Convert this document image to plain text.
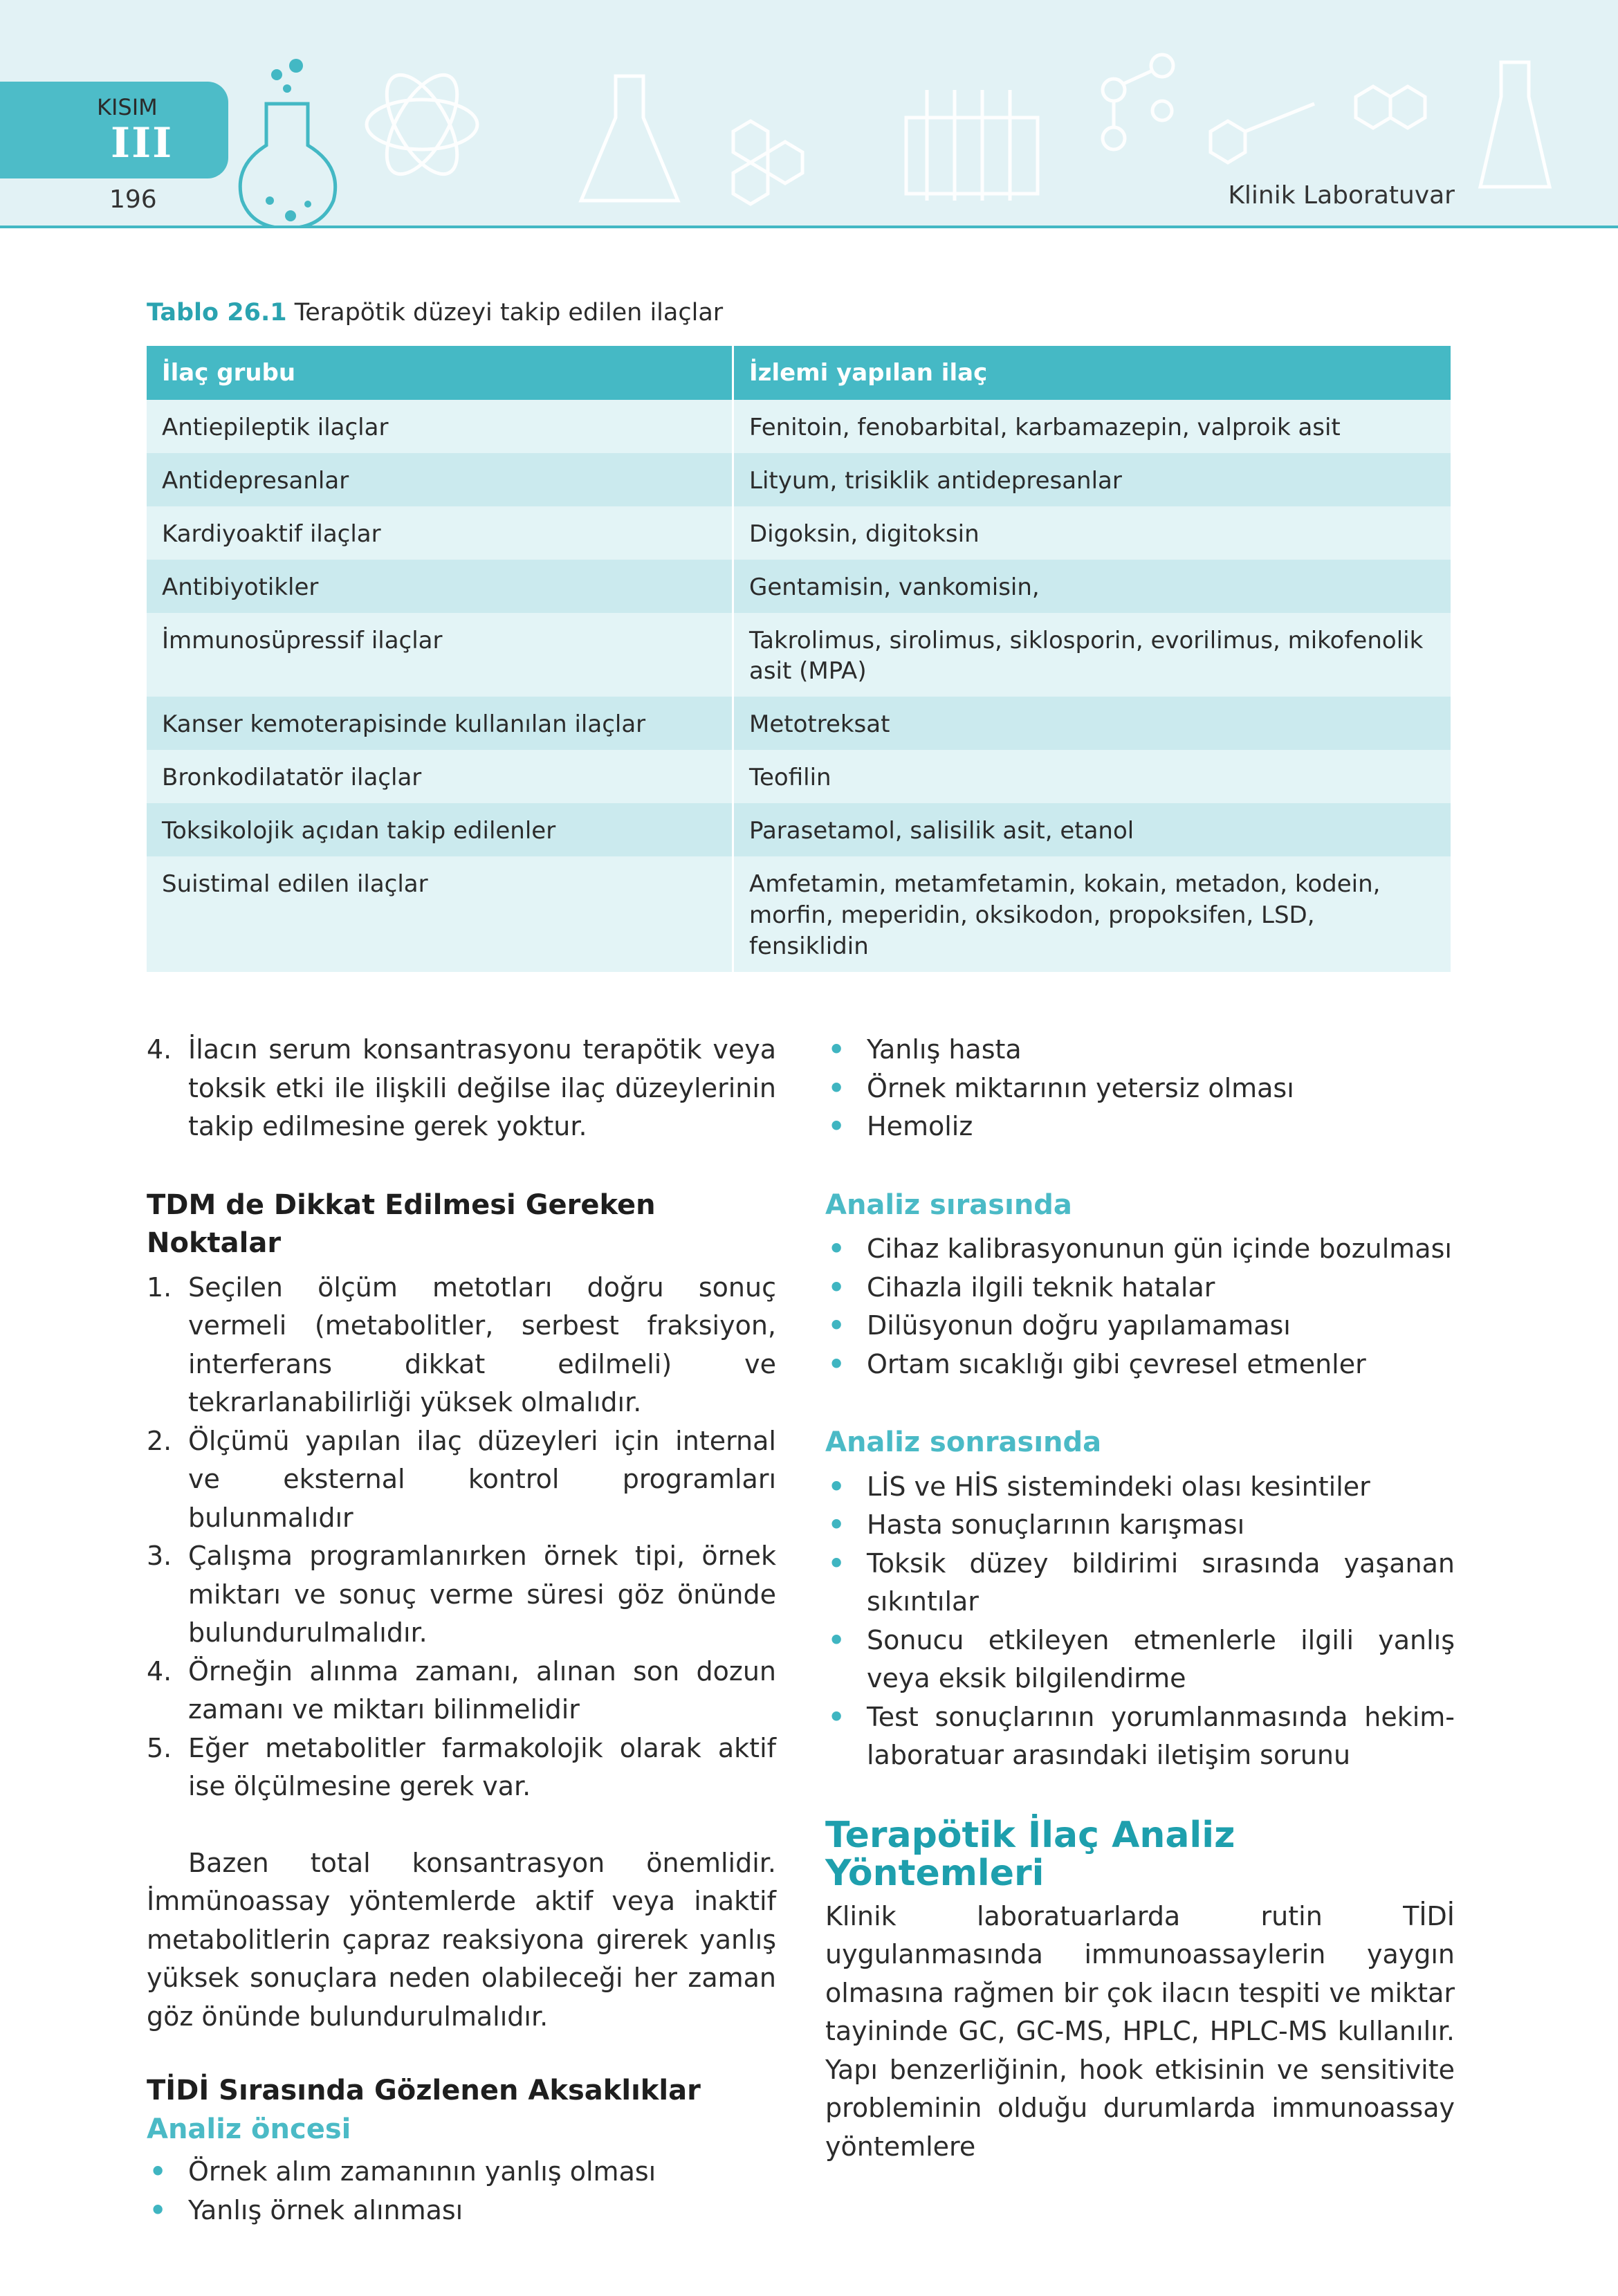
KISIM
III
196	Klinik Laboratuvar
Tablo 26.1 Terapötik düzeyi takip edilen ilaçlar
İlaç grubu	İzlemi yapılan ilaç
Antiepileptik ilaçlar	Fenitoin, fenobarbital, karbamazepin, valproik asit
Antidepresanlar	Lityum, trisiklik antidepresanlar
Kardiyoaktif ilaçlar	Digoksin, digitoksin
Antibiyotikler	Gentamisin, vankomisin,
İmmunosüpressif ilaçlar	Takrolimus, sirolimus, siklosporin, evorilimus, mikofenolik asit (MPA)
Kanser kemoterapisinde kullanılan ilaçlar	Metotreksat
Bronkodilatatör ilaçlar	Teofilin
Toksikolojik açıdan takip edilenler	Parasetamol, salisilik asit, etanol
Suistimal edilen ilaçlar	Amfetamin, metamfetamin, kokain, metadon, kodein, morfin, meperidin, oksikodon, propoksifen, LSD, fensiklidin
4. İlacın serum konsantrasyonu terapötik veya toksik etki ile ilişkili değilse ilaç düzeylerinin takip edilmesine gerek yoktur.
TDM de Dikkat Edilmesi Gereken Noktalar
1. Seçilen ölçüm metotları doğru sonuç vermeli (metabolitler, serbest fraksiyon, interferans dikkat edilmeli) ve tekrarlanabilirliği yüksek olmalıdır.
2. Ölçümü yapılan ilaç düzeyleri için internal ve eksternal kontrol programları bulunmalıdır
3. Çalışma programlanırken örnek tipi, örnek miktarı ve sonuç verme süresi göz önünde bulundurulmalıdır.
4. Örneğin alınma zamanı, alınan son dozun zamanı ve miktarı bilinmelidir
5. Eğer metabolitler farmakolojik olarak aktif ise ölçülmesine gerek var.
Bazen total konsantrasyon önemlidir. İmmünoassay yöntemlerde aktif veya inaktif metabolitlerin çapraz reaksiyona girerek yanlış yüksek sonuçlara neden olabileceği her zaman göz önünde bulundurulmalıdır.
TİDİ Sırasında Gözlenen Aksaklıklar
Analiz öncesi
• Örnek alım zamanının yanlış olması
• Yanlış örnek alınması
• Yanlış hasta
• Örnek miktarının yetersiz olması
• Hemoliz
Analiz sırasında
• Cihaz kalibrasyonunun gün içinde bozulması
• Cihazla ilgili teknik hatalar
• Dilüsyonun doğru yapılamaması
• Ortam sıcaklığı gibi çevresel etmenler
Analiz sonrasında
• LİS ve HİS sistemindeki olası kesintiler
• Hasta sonuçlarının karışması
• Toksik düzey bildirimi sırasında yaşanan sıkıntılar
• Sonucu etkileyen etmenlerle ilgili yanlış veya eksik bilgilendirme
• Test sonuçlarının yorumlanmasında hekim-laboratuar arasındaki iletişim sorunu
Terapötik İlaç Analiz Yöntemleri
Klinik laboratuarlarda rutin TİDİ uygulanmasında immunoassaylerin yaygın olmasına rağmen bir çok ilacın tespiti ve miktar tayininde GC, GC-MS, HPLC, HPLC-MS kullanılır. Yapı benzerliğinin, hook etkisinin ve sensitivite probleminin olduğu durumlarda immunoassay yöntemlere
